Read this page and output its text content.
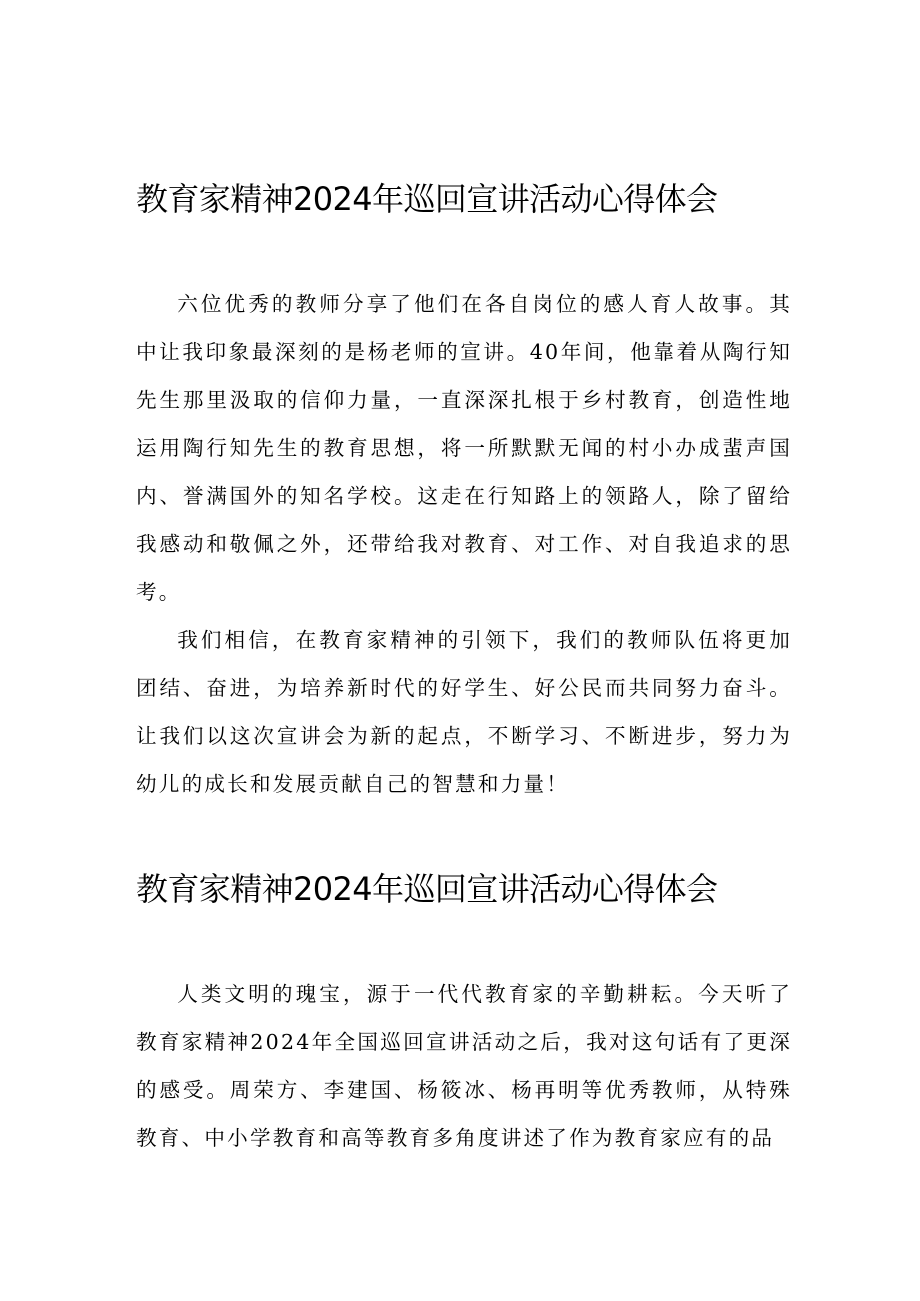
教育家精神2024年巡回宣讲活动心得体会

六位优秀的教师分享了他们在各自岗位的感人育人故事。其中让我印象最深刻的是杨老师的宣讲。40年间，他靠着从陶行知先生那里汲取的信仰力量，一直深深扎根于乡村教育，创造性地运用陶行知先生的教育思想，将一所默默无闻的村小办成蜚声国内、誉满国外的知名学校。这走在行知路上的领路人，除了留给我感动和敬佩之外，还带给我对教育、对工作、对自我追求的思考。

我们相信，在教育家精神的引领下，我们的教师队伍将更加团结、奋进，为培养新时代的好学生、好公民而共同努力奋斗。让我们以这次宣讲会为新的起点，不断学习、不断进步，努力为幼儿的成长和发展贡献自己的智慧和力量！

教育家精神2024年巡回宣讲活动心得体会

人类文明的瑰宝，源于一代代教育家的辛勤耕耘。今天听了教育家精神2024年全国巡回宣讲活动之后，我对这句话有了更深的感受。周荣方、李建国、杨筱冰、杨再明等优秀教师，从特殊教育、中小学教育和高等教育多角度讲述了作为教育家应有的品
